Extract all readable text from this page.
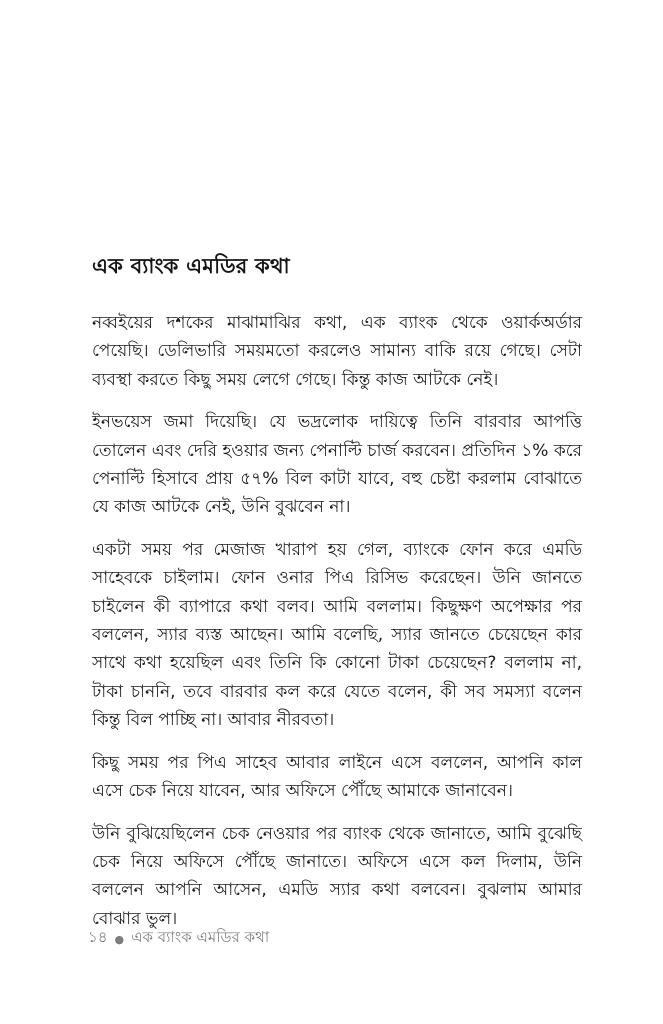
এক ব্যাংক এমডির কথা

নব্বইয়ের দশকের মাঝামাঝির কথা, এক ব্যাংক থেকে ওয়ার্কঅর্ডার পেয়েছি। ডেলিভারি সময়মতো করলেও সামান্য বাকি রয়ে গেছে। সেটা ব্যবস্থা করতে কিছু সময় লেগে গেছে। কিন্তু কাজ আটকে নেই।

ইনভয়েস জমা দিয়েছি। যে ভদ্রলোক দায়িত্বে তিনি বারবার আপত্তি তোলেন এবং দেরি হওয়ার জন্য পেনাল্টি চার্জ করবেন। প্রতিদিন ১% করে পেনাল্টি হিসাবে প্রায় ৫৭% বিল কাটা যাবে, বহু চেষ্টা করলাম বোঝাতে যে কাজ আটকে নেই, উনি বুঝবেন না।

একটা সময় পর মেজাজ খারাপ হয় গেল, ব্যাংকে ফোন করে এমডি সাহেবকে চাইলাম। ফোন ওনার পিএ রিসিভ করেছেন। উনি জানতে চাইলেন কী ব্যাপারে কথা বলব। আমি বললাম। কিছুক্ষণ অপেক্ষার পর বললেন, স্যার ব্যস্ত আছেন। আমি বলেছি, স্যার জানতে চেয়েছেন কার সাথে কথা হয়েছিল এবং তিনি কি কোনো টাকা চেয়েছেন? বললাম না, টাকা চাননি, তবে বারবার কল করে যেতে বলেন, কী সব সমস্যা বলেন কিন্তু বিল পাচ্ছি না। আবার নীরবতা।

কিছু সময় পর পিএ সাহেব আবার লাইনে এসে বললেন, আপনি কাল এসে চেক নিয়ে যাবেন, আর অফিসে পৌঁছে আমাকে জানাবেন।

উনি বুঝিয়েছিলেন চেক নেওয়ার পর ব্যাংক থেকে জানাতে, আমি বুঝেছি চেক নিয়ে অফিসে পৌঁছে জানাতে। অফিসে এসে কল দিলাম, উনি বললেন আপনি আসেন, এমডি স্যার কথা বলবেন। বুঝলাম আমার বোঝার ভুল।

১৪ ● এক ব্যাংক এমডির কথা
